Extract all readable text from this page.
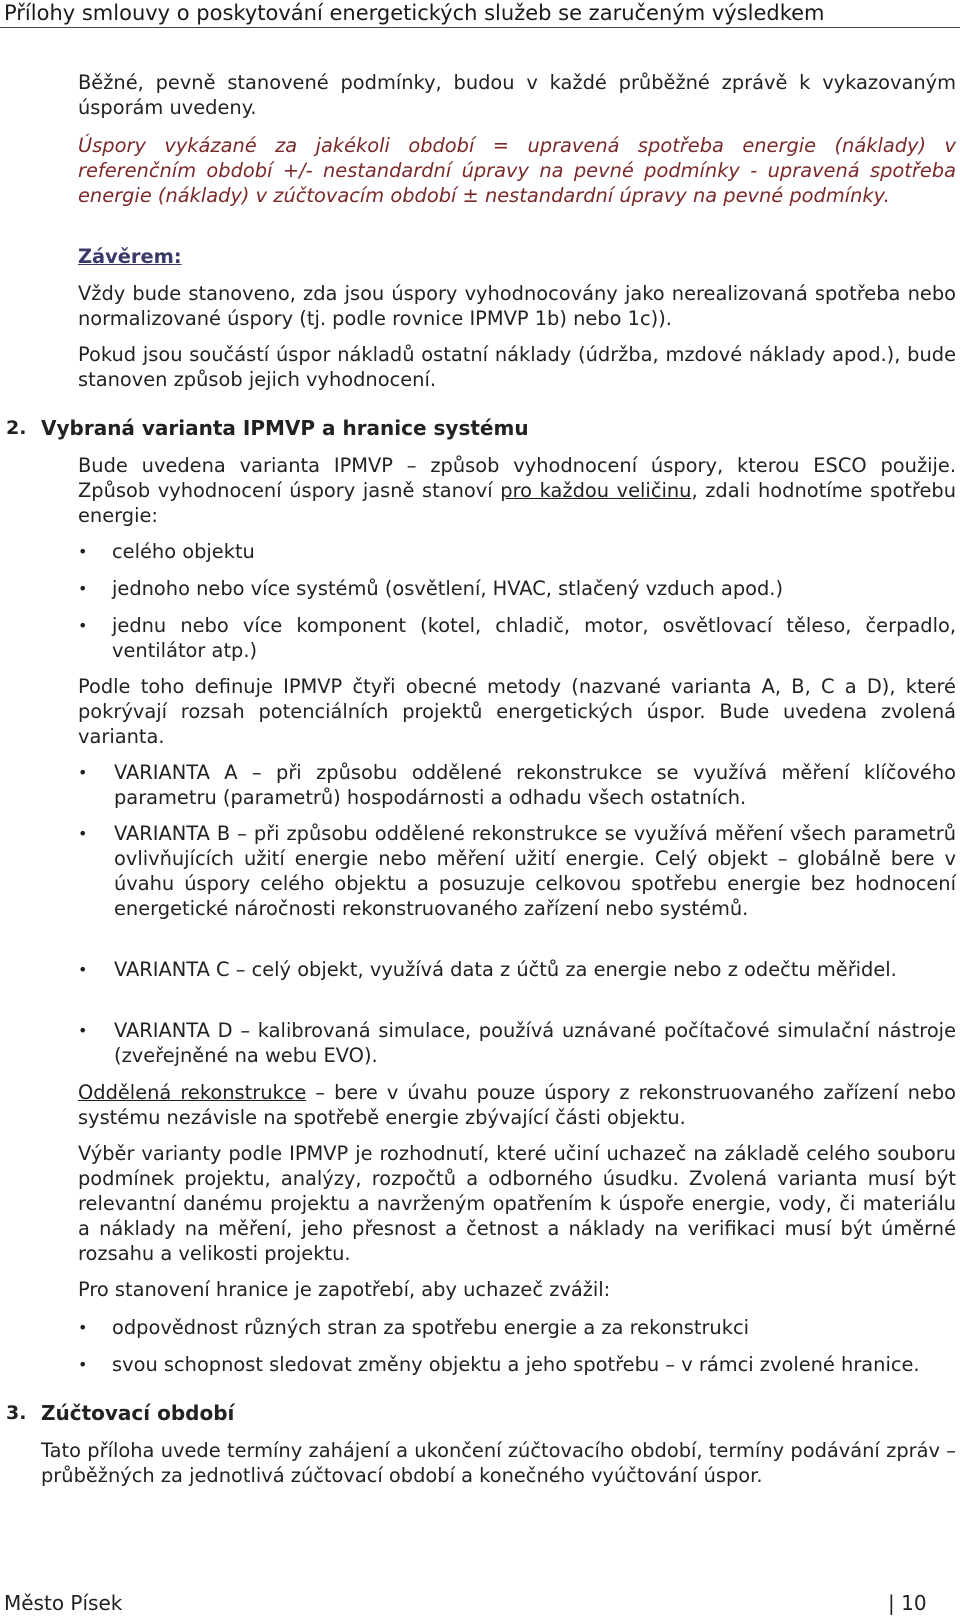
Přílohy smlouvy o poskytování energetických služeb se zaručeným výsledkem

Běžné, pevně stanovené podmínky, budou v každé průběžné zprávě k vykazovaným úsporám uvedeny.

Úspory vykázané za jakékoli období = upravená spotřeba energie (náklady) v referenčním období +/- nestandardní úpravy na pevné podmínky - upravená spotřeba energie (náklady) v zúčtovacím období ± nestandardní úpravy na pevné podmínky.

Závěrem:

Vždy bude stanoveno, zda jsou úspory vyhodnocovány jako nerealizovaná spotřeba nebo normalizované úspory (tj. podle rovnice IPMVP 1b) nebo 1c)).

Pokud jsou součástí úspor nákladů ostatní náklady (údržba, mzdové náklady apod.), bude stanoven způsob jejich vyhodnocení.

2. Vybraná varianta IPMVP a hranice systému

Bude uvedena varianta IPMVP – způsob vyhodnocení úspory, kterou ESCO použije. Způsob vyhodnocení úspory jasně stanoví pro každou veličinu, zdali hodnotíme spotřebu energie:

• celého objektu
• jednoho nebo více systémů (osvětlení, HVAC, stlačený vzduch apod.)
• jednu nebo více komponent (kotel, chladič, motor, osvětlovací těleso, čerpadlo, ventilátor atp.)

Podle toho definuje IPMVP čtyři obecné metody (nazvané varianta A, B, C a D), které pokrývají rozsah potenciálních projektů energetických úspor. Bude uvedena zvolená varianta.

• VARIANTA A – při způsobu oddělené rekonstrukce se využívá měření klíčového parametru (parametrů) hospodárnosti a odhadu všech ostatních.
• VARIANTA B – při způsobu oddělené rekonstrukce se využívá měření všech parametrů ovlivňujících užití energie nebo měření užití energie. Celý objekt – globálně bere v úvahu úspory celého objektu a posuzuje celkovou spotřebu energie bez hodnocení energetické náročnosti rekonstruovaného zařízení nebo systémů.
• VARIANTA C – celý objekt, využívá data z účtů za energie nebo z odečtu měřidel.
• VARIANTA D – kalibrovaná simulace, používá uznávané počítačové simulační nástroje (zveřejněné na webu EVO).

Oddělená rekonstrukce – bere v úvahu pouze úspory z rekonstruovaného zařízení nebo systému nezávisle na spotřebě energie zbývající části objektu.

Výběr varianty podle IPMVP je rozhodnutí, které učiní uchazeč na základě celého souboru podmínek projektu, analýzy, rozpočtů a odborného úsudku. Zvolená varianta musí být relevantní danému projektu a navrženým opatřením k úspoře energie, vody, či materiálu a náklady na měření, jeho přesnost a četnost a náklady na verifikaci musí být úměrné rozsahu a velikosti projektu.

Pro stanovení hranice je zapotřebí, aby uchazeč zvážil:

• odpovědnost různých stran za spotřebu energie a za rekonstrukci
• svou schopnost sledovat změny objektu a jeho spotřebu – v rámci zvolené hranice.
3. Zúčtovací období

Tato příloha uvede termíny zahájení a ukončení zúčtovacího období, termíny podávání zpráv – průběžných za jednotlivá zúčtovací období a konečného vyúčtování úspor.

Město Písek	| 10
